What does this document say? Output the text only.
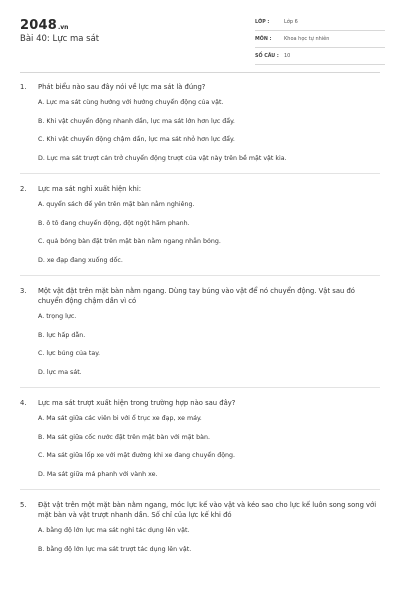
2048.vn
Bài 40: Lực ma sát
LỚP :	Lớp 6
MÔN :	Khoa học tự nhiên
SỐ CÂU :	10
1.	Phát biểu nào sau đây nói về lực ma sát là đúng?
A. Lực ma sát cùng hướng với hướng chuyển động của vật.
B. Khi vật chuyển động nhanh dần, lực ma sát lớn hơn lực đẩy.
C. Khi vật chuyển động chậm dần, lực ma sát nhỏ hơn lực đẩy.
D. Lực ma sát trượt cản trở chuyển động trượt của vật này trên bề mặt vật kia.
2.	Lực ma sát nghỉ xuất hiện khi:
A. quyển sách để yên trên mặt bàn nằm nghiêng.
B. ô tô đang chuyển động, đột ngột hãm phanh.
C. quả bóng bàn đặt trên mặt bàn nằm ngang nhẵn bóng.
D. xe đạp đang xuống dốc.
3.	Một vật đặt trên mặt bàn nằm ngang. Dùng tay búng vào vật để nó chuyển động. Vật sau đó chuyển động chậm dần vì có
A. trọng lực.
B. lực hấp dẫn.
C. lực búng của tay.
D. lực ma sát.
4.	Lực ma sát trượt xuất hiện trong trường hợp nào sau đây?
A. Ma sát giữa các viên bi với ổ trục xe đạp, xe máy.
B. Ma sát giữa cốc nước đặt trên mặt bàn với mặt bàn.
C. Ma sát giữa lốp xe với mặt đường khi xe đang chuyển động.
D. Ma sát giữa má phanh với vành xe.
5.	Đặt vật trên một mặt bàn nằm ngang, móc lực kế vào vật và kéo sao cho lực kế luôn song song với mặt bàn và vật trượt nhanh dần. Số chỉ của lực kế khi đó
A. bằng độ lớn lực ma sát nghỉ tác dụng lên vật.
B. bằng độ lớn lực ma sát trượt tác dụng lên vật.
